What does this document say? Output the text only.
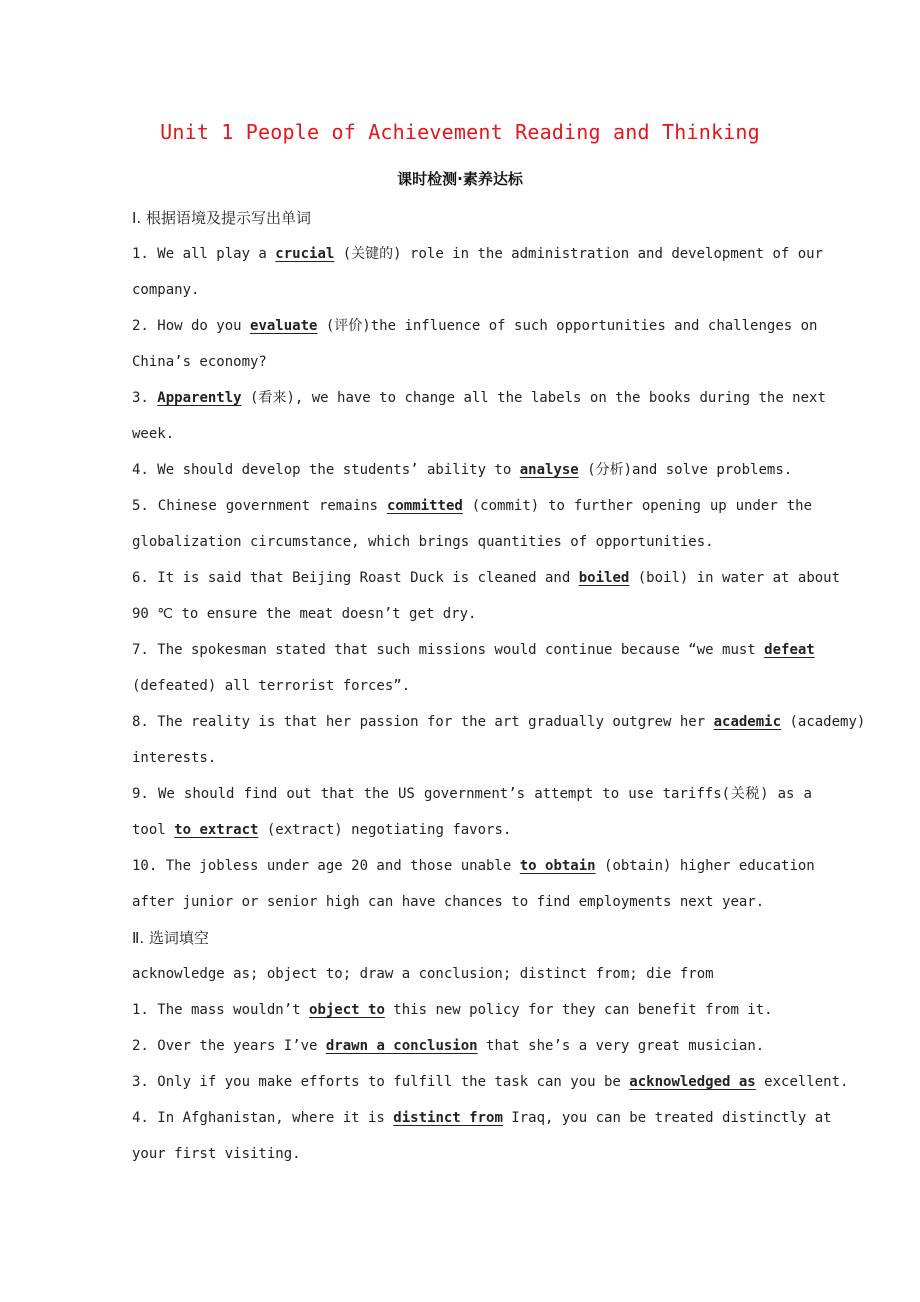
Unit 1 People of Achievement Reading and Thinking
课时检测·素养达标
Ⅰ. 根据语境及提示写出单词
1. We all play a crucial (关键的) role in the administration and development of our
company.
2. How do you evaluate (评价)the influence of such opportunities and challenges on
China’s economy?
3. Apparently (看来), we have to change all the labels on the books during the next
week.
4. We should develop the students’ ability to analyse (分析)and solve problems.
5. Chinese government remains committed (commit) to further opening up under the
globalization circumstance, which brings quantities of opportunities.
6. It is said that Beijing Roast Duck is cleaned and boiled (boil) in water at about
90 ℃ to ensure the meat doesn’t get dry.
7. The spokesman stated that such missions would continue because “we must defeat
(defeated) all terrorist forces”.
8. The reality is that her passion for the art gradually outgrew her academic (academy)
interests.
9. We should find out that the US government’s attempt to use tariffs(关税) as a
tool to extract (extract) negotiating favors.
10. The jobless under age 20 and those unable to obtain (obtain) higher education
after junior or senior high can have chances to find employments next year.
Ⅱ. 选词填空
acknowledge as; object to; draw a conclusion; distinct from; die from
1. The mass wouldn’t object to this new policy for they can benefit from it.
2. Over the years I’ve drawn a conclusion that she’s a very great musician.
3. Only if you make efforts to fulfill the task can you be acknowledged as excellent.
4. In Afghanistan, where it is distinct from Iraq, you can be treated distinctly at
your first visiting.
